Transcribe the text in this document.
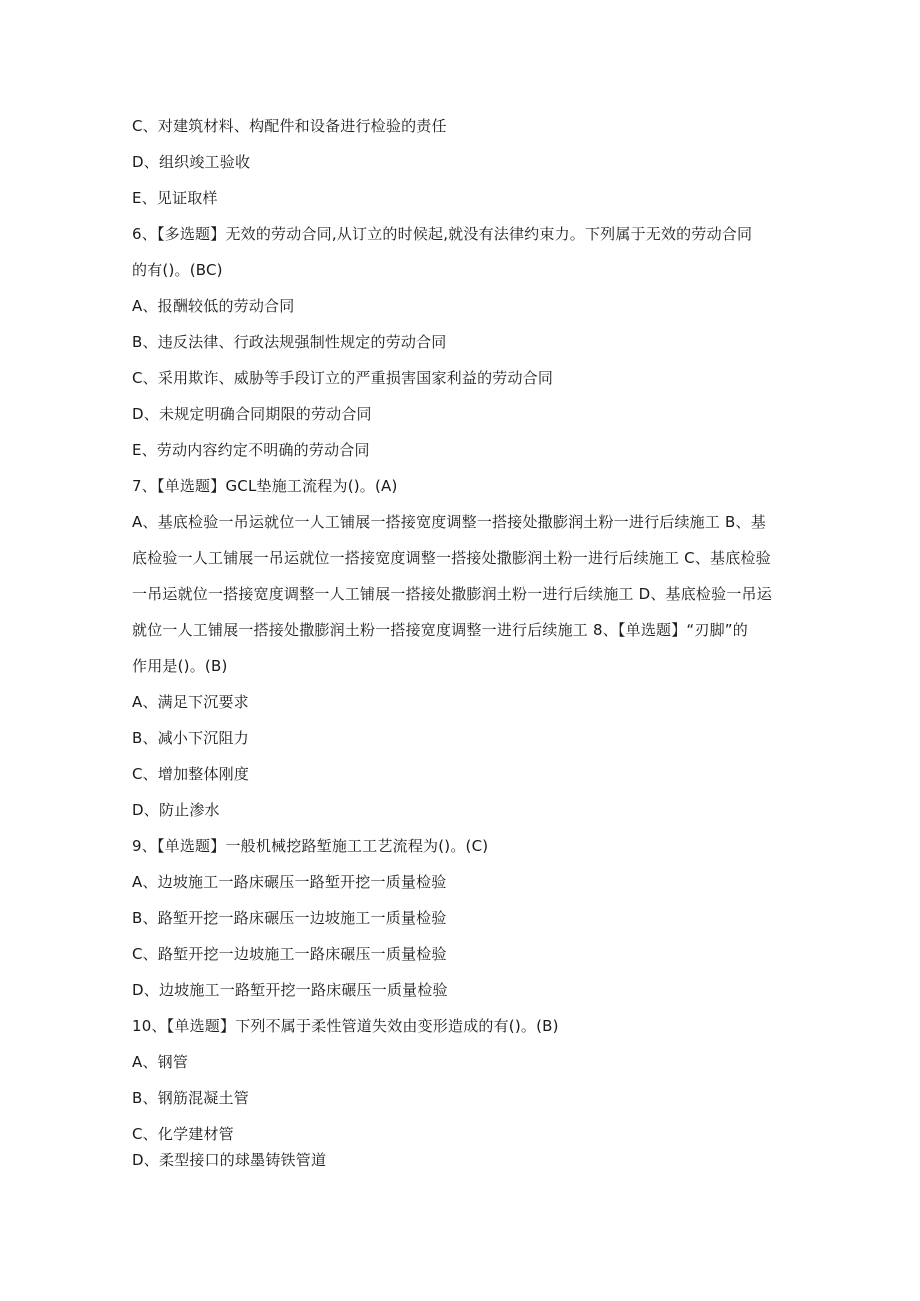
C、对建筑材料、构配件和设备进行检验的责任
D、组织竣工验收
E、见证取样
6、【多选题】无效的劳动合同,从订立的时候起,就没有法律约束力。下列属于无效的劳动合同
的有()。(BC)
A、报酬较低的劳动合同
B、违反法律、行政法规强制性规定的劳动合同
C、采用欺诈、威胁等手段订立的严重损害国家利益的劳动合同
D、未规定明确合同期限的劳动合同
E、劳动内容约定不明确的劳动合同
7、【单选题】GCL垫施工流程为()。(A)
A、基底检验一吊运就位一人工铺展一搭接宽度调整一搭接处撒膨润土粉一进行后续施工 B、基
底检验一人工铺展一吊运就位一搭接宽度调整一搭接处撒膨润土粉一进行后续施工 C、基底检验
一吊运就位一搭接宽度调整一人工铺展一搭接处撒膨润土粉一进行后续施工 D、基底检验一吊运
就位一人工铺展一搭接处撒膨润土粉一搭接宽度调整一进行后续施工 8、【单选题】“刃脚”的
作用是()。(B)
A、满足下沉要求
B、减小下沉阻力
C、增加整体刚度
D、防止渗水
9、【单选题】一般机械挖路堑施工工艺流程为()。(C)
A、边坡施工一路床碾压一路堑开挖一质量检验
B、路堑开挖一路床碾压一边坡施工一质量检验
C、路堑开挖一边坡施工一路床碾压一质量检验
D、边坡施工一路堑开挖一路床碾压一质量检验
10、【单选题】下列不属于柔性管道失效由变形造成的有()。(B)
A、钢管
B、钢筋混凝土管
C、化学建材管
D、柔型接口的球墨铸铁管道
